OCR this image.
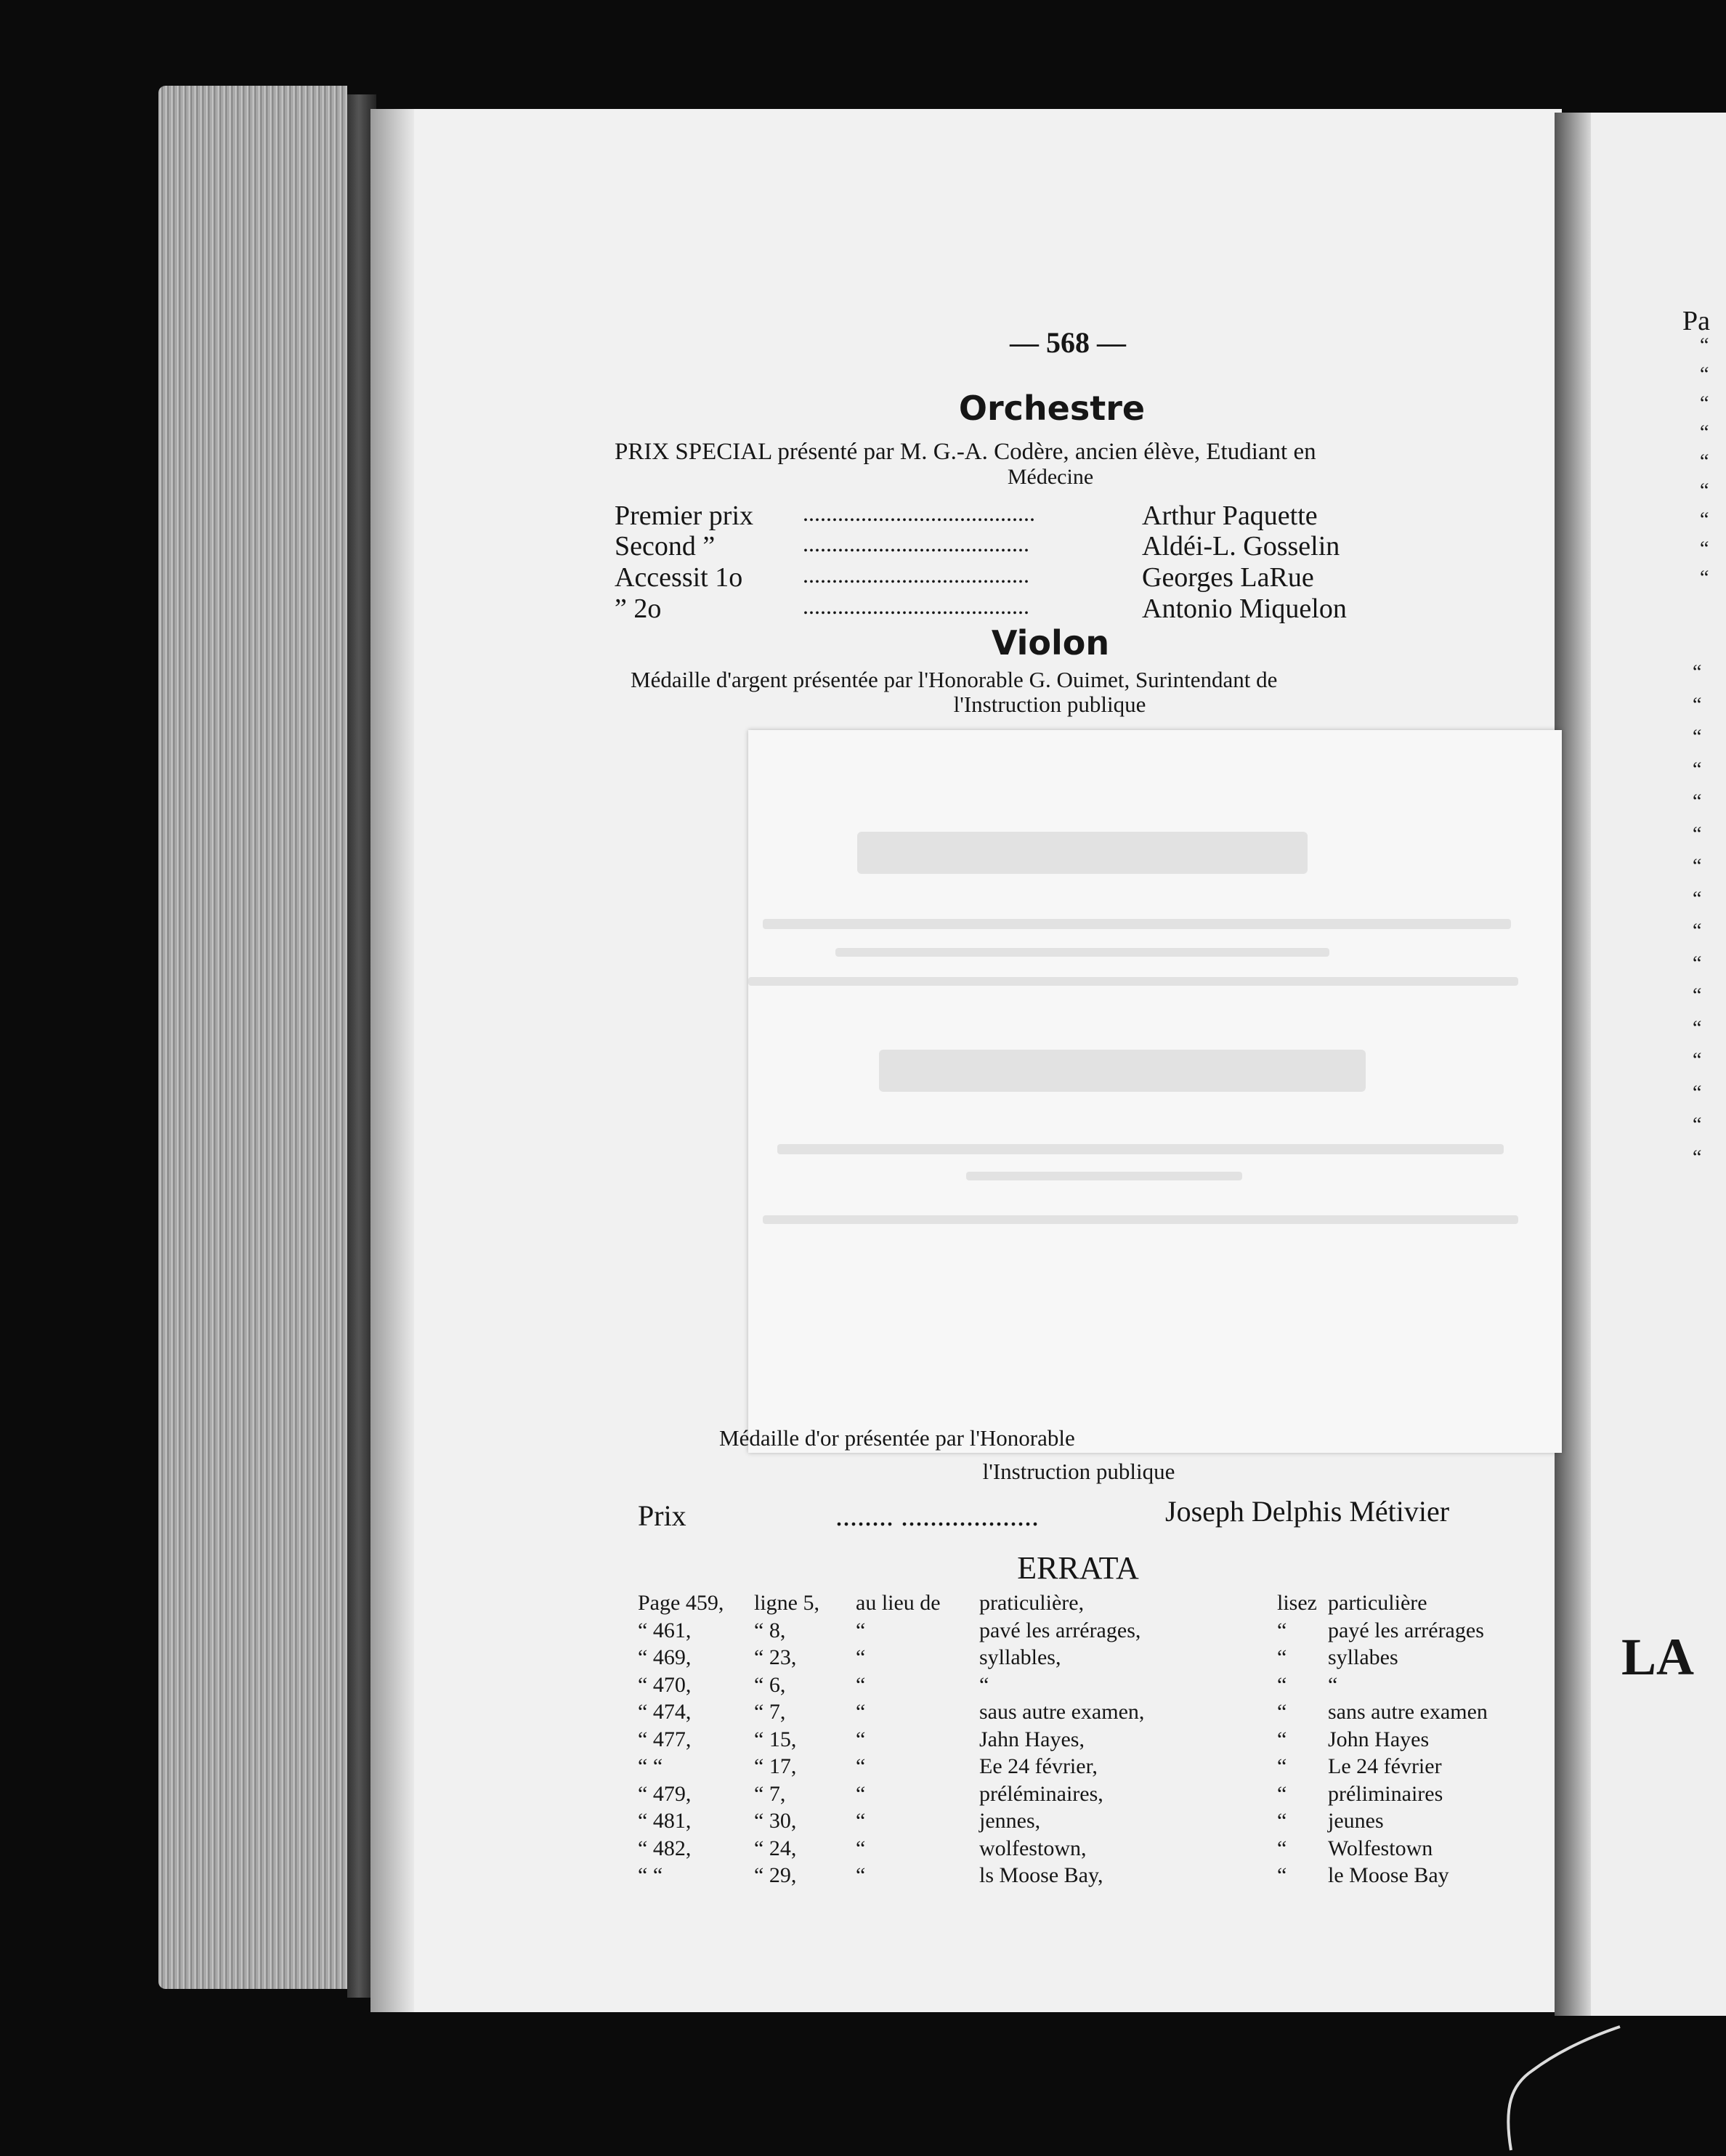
— 568 —
Orchestre
PRIX SPECIAL présenté par M. G.-A. Codère, ancien élève, Etudiant en
Médecine
Premier prix ........................................	Arthur Paquette
Second ”	.......................................	Aldéi-L. Gosselin
Accessit 1o	.......................................	Georges LaRue
” 2o	.......................................	Antonio Miquelon
Violon
Médaille d'argent présentée par l'Honorable G. Ouimet, Surintendant de
l'Instruction publique
Médaille d'or présentée par l'Honorable
l'Instruction publique
Prix	........ ...................	Joseph Delphis Métivier
ERRATA
Page 459,	ligne 5,	au lieu de	praticulière,	lisez	particulière
“ 461,	“ 8,	“	pavé les arrérages,	“	payé les arrérages
“ 469,	“ 23,	“	syllables,	“	syllabes
“ 470,	“ 6,	“	“	“	“
“ 474,	“ 7,	“	saus autre examen,	“	sans autre examen
“ 477,	“ 15,	“	Jahn Hayes,	“	John Hayes
“ “	“ 17,	“	Ee 24 février,	“	Le 24 février
“ 479,	“ 7,	“	préléminaires,	“	préliminaires
“ 481,	“ 30,	“	jennes,	“	jeunes
“ 482,	“ 24,	“	wolfestown,	“	Wolfestown
“ “	“ 29,	“	ls Moose Bay,	“	le Moose Bay
Pa
“
“
“
“
“
“
“
“
“
“
“
“
“
“
“
“
“
“
“
“
“
“
“
“
“
LA
